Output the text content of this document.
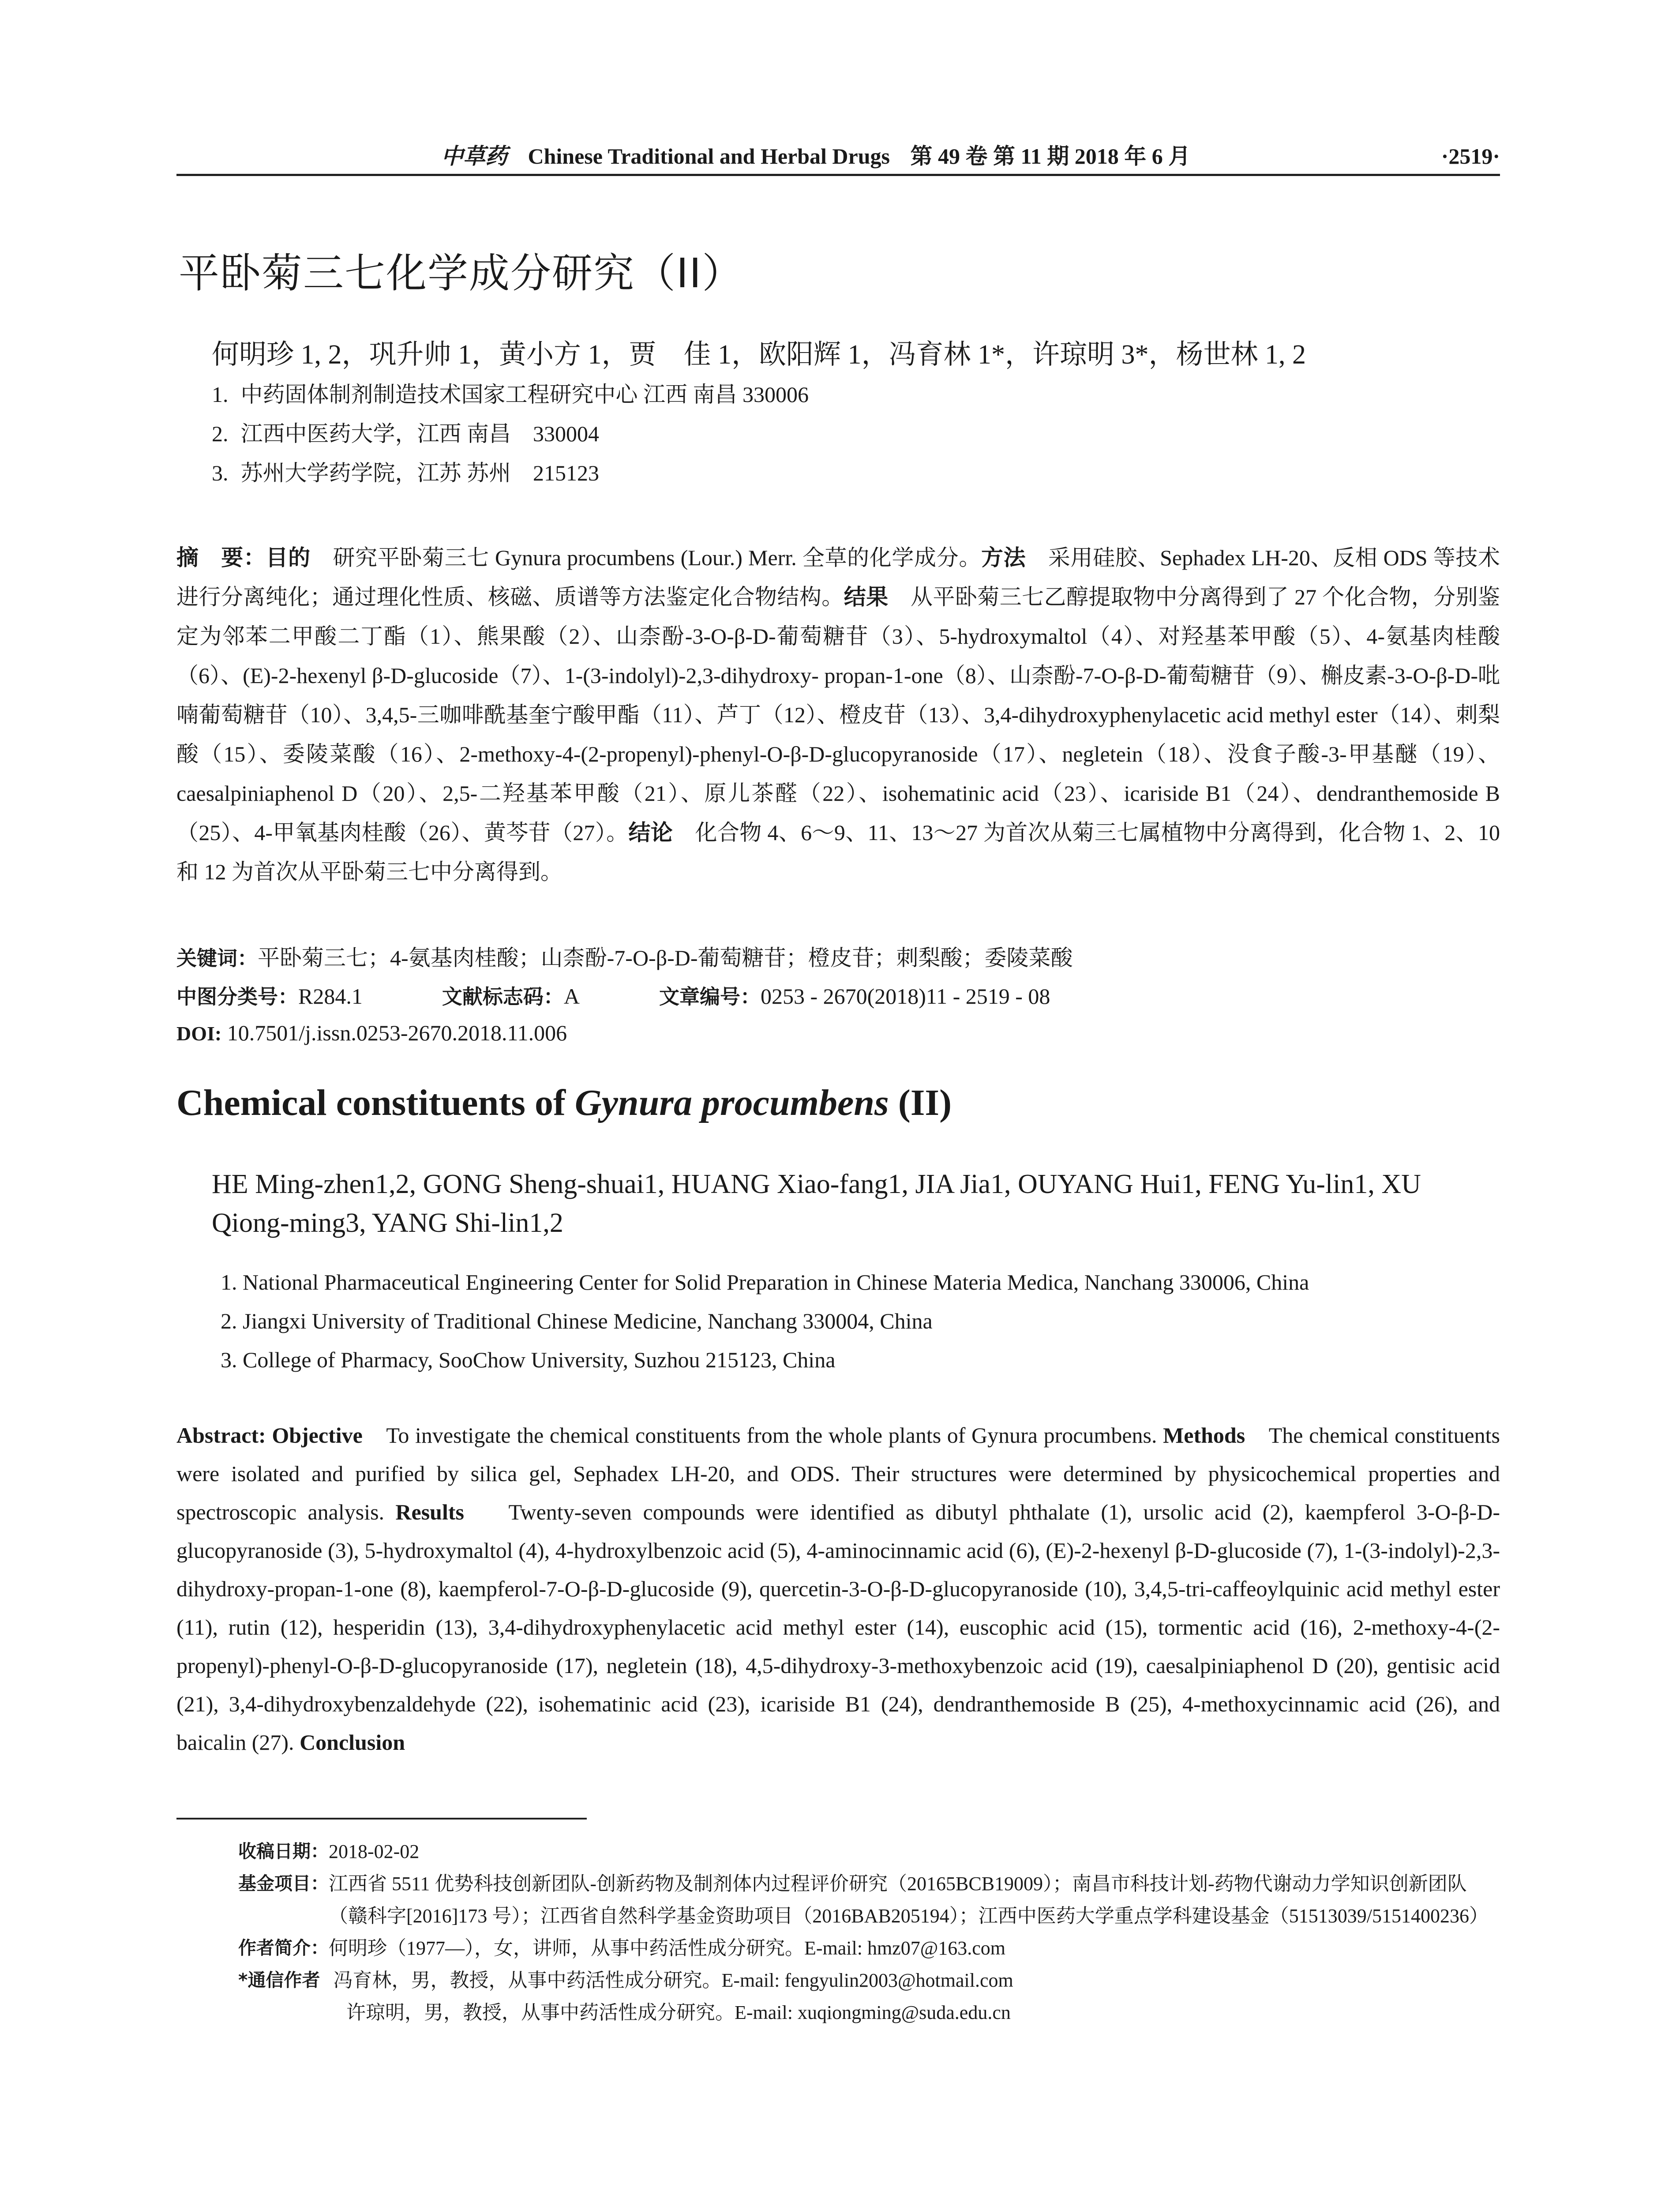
中草药 Chinese Traditional and Herbal Drugs 第 49 卷 第 11 期 2018 年 6 月	·2519·
平卧菊三七化学成分研究（II）
何明珍 1, 2，巩升帅 1，黄小方 1，贾　佳 1，欧阳辉 1，冯育林 1*，许琼明 3*，杨世林 1, 2
1. 中药固体制剂制造技术国家工程研究中心 江西 南昌 330006
2. 江西中医药大学，江西 南昌　330004
3. 苏州大学药学院，江苏 苏州　215123
摘　要：目的　 研究平卧菊三七 Gynura procumbens (Lour.) Merr. 全草的化学成分。方法　 采用硅胶、Sephadex LH-20、反相 ODS 等技术进行分离纯化；通过理化性质、核磁、质谱等方法鉴定化合物结构。结果　 从平卧菊三七乙醇提取物中分离得到了 27 个化合物，分别鉴定为邻苯二甲酸二丁酯（1）、熊果酸（2）、山柰酚-3-O-β-D-葡萄糖苷（3）、5-hydroxymaltol（4）、对羟基苯甲酸（5）、4-氨基肉桂酸（6）、(E)-2-hexenyl β-D-glucoside（7）、1-(3-indolyl)-2,3-dihydroxy- propan-1-one（8）、山柰酚-7-O-β-D-葡萄糖苷（9）、槲皮素-3-O-β-D-吡喃葡萄糖苷（10）、3,4,5-三咖啡酰基奎宁酸甲酯（11）、芦丁（12）、橙皮苷（13）、3,4-dihydroxyphenylacetic acid methyl ester（14）、刺梨酸（15）、委陵菜酸（16）、2-methoxy-4-(2-propenyl)-phenyl-O-β-D-glucopyranoside（17）、negletein（18）、没食子酸-3-甲基醚（19）、caesalpiniaphenol D（20）、2,5-二羟基苯甲酸（21）、原儿茶醛（22）、isohematinic acid（23）、icariside B1（24）、dendranthemoside B（25）、4-甲氧基肉桂酸（26）、黄芩苷（27）。结论　 化合物 4、6～9、11、13～27 为首次从菊三七属植物中分离得到，化合物 1、2、10 和 12 为首次从平卧菊三七中分离得到。
关键词：平卧菊三七；4-氨基肉桂酸；山柰酚-7-O-β-D-葡萄糖苷；橙皮苷；刺梨酸；委陵菜酸
中图分类号：R284.1	文献标志码：A	文章编号：0253 - 2670(2018)11 - 2519 - 08
DOI: 10.7501/j.issn.0253-2670.2018.11.006
Chemical constituents of Gynura procumbens (II)
HE Ming-zhen1,2, GONG Sheng-shuai1, HUANG Xiao-fang1, JIA Jia1, OUYANG Hui1, FENG Yu-lin1, XU Qiong-ming3, YANG Shi-lin1,2
1. National Pharmaceutical Engineering Center for Solid Preparation in Chinese Materia Medica, Nanchang 330006, China
2. Jiangxi University of Traditional Chinese Medicine, Nanchang 330004, China
3. College of Pharmacy, SooChow University, Suzhou 215123, China
Abstract: Objective To investigate the chemical constituents from the whole plants of Gynura procumbens. Methods The chemical constituents were isolated and purified by silica gel, Sephadex LH-20, and ODS. Their structures were determined by physicochemical properties and spectroscopic analysis. Results Twenty-seven compounds were identified as dibutyl phthalate (1), ursolic acid (2), kaempferol 3-O-β-D-glucopyranoside (3), 5-hydroxymaltol (4), 4-hydroxylbenzoic acid (5), 4-aminocinnamic acid (6), (E)-2-hexenyl β-D-glucoside (7), 1-(3-indolyl)-2,3-dihydroxy-propan-1-one (8), kaempferol-7-O-β-D-glucoside (9), quercetin-3-O-β-D-glucopyranoside (10), 3,4,5-tri-caffeoylquinic acid methyl ester (11), rutin (12), hesperidin (13), 3,4-dihydroxyphenylacetic acid methyl ester (14), euscophic acid (15), tormentic acid (16), 2-methoxy-4-(2-propenyl)-phenyl-O-β-D-glucopyranoside (17), negletein (18), 4,5-dihydroxy-3-methoxybenzoic acid (19), caesalpiniaphenol D (20), gentisic acid (21), 3,4-dihydroxybenzaldehyde (22), isohematinic acid (23), icariside B1 (24), dendranthemoside B (25), 4-methoxycinnamic acid (26), and baicalin (27). Conclusion
收稿日期： 2018-02-02
基金项目： 江西省 5511 优势科技创新团队-创新药物及制剂体内过程评价研究（20165BCB19009）；南昌市科技计划-药物代谢动力学知识创新团队（赣科字[2016]173 号）；江西省自然科学基金资助项目（2016BAB205194）；江西中医药大学重点学科建设基金（51513039/5151400236）
作者简介： 何明珍（1977—），女，讲师，从事中药活性成分研究。E-mail: hmz07@163.com
*通信作者 冯育林，男，教授，从事中药活性成分研究。E-mail: fengyulin2003@hotmail.com
许琼明，男，教授，从事中药活性成分研究。E-mail: xuqiongming@suda.edu.cn
